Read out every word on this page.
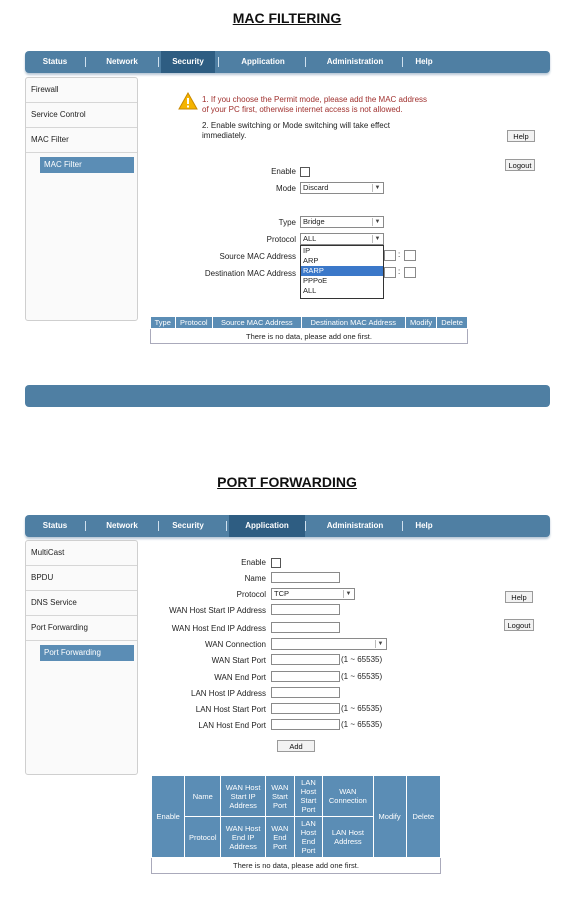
MAC FILTERING
Status	Network	Security	Application	Administration	Help
Firewall
Service Control
MAC Filter
MAC Filter
1. If you choose the Permit mode, please add the MAC address
of your PC first, otherwise internet access is not allowed.
2. Enable switching or Mode switching will take effect
immediately.	Help
Logout
Enable
Mode Discard	▼
Type Bridge	▼
Protocol ALL	▼
Source MAC Address	:
Destination MAC Address	:
IP
ARP
RARP
PPPoE
ALL
Type	Protocol	Source MAC Address	Destination MAC Address	Modify	Delete
There is no data, please add one first.
PORT FORWARDING
Status	Network	Security	Application	Administration	Help
MultiCast
BPDU
DNS Service
Port Forwarding
Port Forwarding
Help
Logout
Enable
Name
Protocol	TCP	▼
WAN Host Start IP Address
WAN Host End IP Address
WAN Connection	▼
WAN Start Port	(1 ~ 65535)
WAN End Port	(1 ~ 65535)
LAN Host IP Address
LAN Host Start Port	(1 ~ 65535)
LAN Host End Port	(1 ~ 65535)
Add
Enable	Name	WAN Host Start IP Address	WAN Start Port	LAN Host Start Port	WAN Connection	Modify	Delete
	Protocol	WAN Host End IP Address	WAN End Port	LAN Host End Port	LAN Host Address		
There is no data, please add one first.							
